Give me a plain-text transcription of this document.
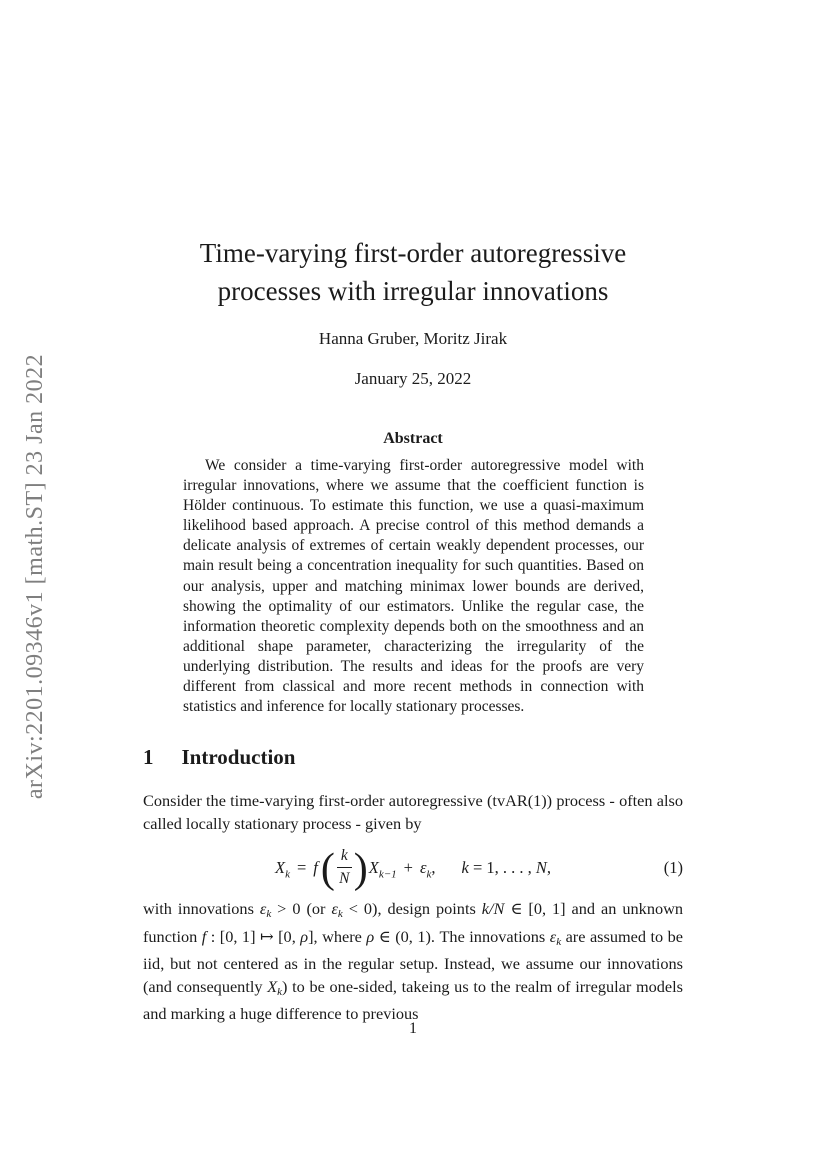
arXiv:2201.09346v1 [math.ST] 23 Jan 2022
Time-varying first-order autoregressive
processes with irregular innovations
Hanna Gruber, Moritz Jirak
January 25, 2022
Abstract

We consider a time-varying first-order autoregressive model with irregular innovations, where we assume that the coefficient function is Hölder continuous. To estimate this function, we use a quasi-maximum likelihood based approach. A precise control of this method demands a delicate analysis of extremes of certain weakly dependent processes, our main result being a concentration inequality for such quantities. Based on our analysis, upper and matching minimax lower bounds are derived, showing the optimality of our estimators. Unlike the regular case, the information theoretic complexity depends both on the smoothness and an additional shape parameter, characterizing the irregularity of the underlying distribution. The results and ideas for the proofs are very different from classical and more recent methods in connection with statistics and inference for locally stationary processes.

1 Introduction

Consider the time-varying first-order autoregressive (tvAR(1)) process - often also called locally stationary process - given by

$X_k = f( \frac{k}{N} )X_{k-1} + \varepsilon_k$, k = 1, . . . , N,	(1)

with innovations εk > 0 (or εk < 0), design points k/N ∈ [0, 1] and an unknown function f : [0, 1] ↦ [0, ρ], where ρ ∈ (0, 1). The innovations εk are assumed to be iid, but not centered as in the regular setup. Instead, we assume our innovations (and consequently Xk) to be one-sided, takeing us to the realm of irregular models and marking a huge difference to previous

1
